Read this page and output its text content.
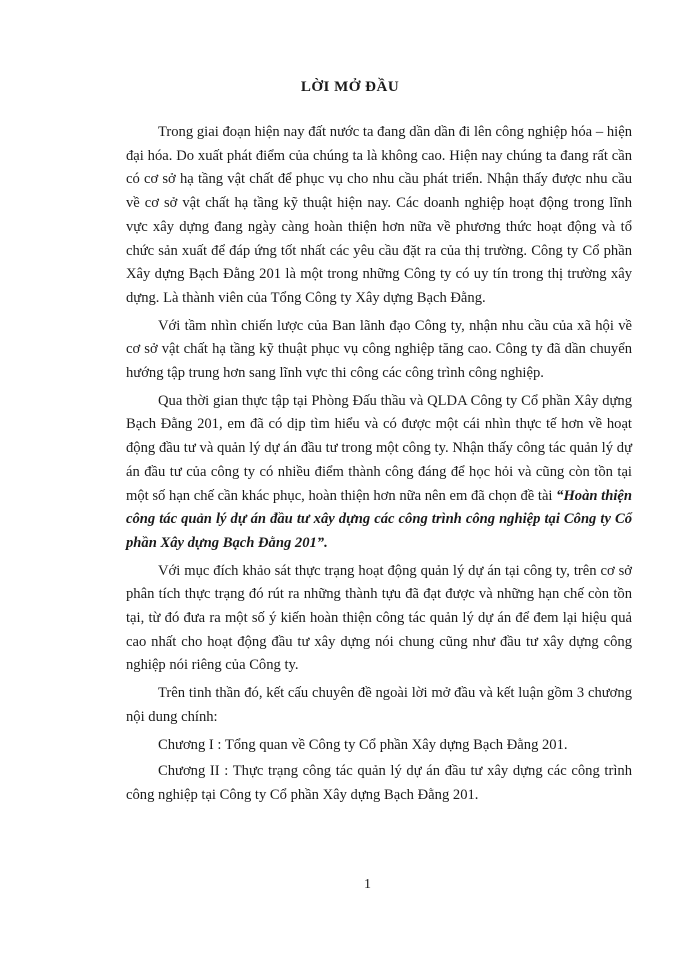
LỜI MỞ ĐẦU

Trong giai đoạn hiện nay đất nước ta đang dần dần đi lên công nghiệp hóa – hiện đại hóa. Do xuất phát điểm của chúng ta là không cao. Hiện nay chúng ta đang rất cần có cơ sở hạ tầng vật chất để phục vụ cho nhu cầu phát triển. Nhận thấy được nhu cầu về cơ sở vật chất hạ tầng kỹ thuật hiện nay. Các doanh nghiệp hoạt động trong lĩnh vực xây dựng đang ngày càng hoàn thiện hơn nữa về phương thức hoạt động và tổ chức sản xuất để đáp ứng tốt nhất các yêu cầu đặt ra của thị trường. Công ty Cổ phần Xây dựng Bạch Đằng 201 là một trong những Công ty có uy tín trong thị trường xây dựng. Là thành viên của Tổng Công ty Xây dựng Bạch Đằng.

Với tầm nhìn chiến lược của Ban lãnh đạo Công ty, nhận nhu cầu của xã hội về cơ sở vật chất hạ tầng kỹ thuật phục vụ công nghiệp tăng cao. Công ty đã dần chuyển hướng tập trung hơn sang lĩnh vực thi công các công trình công nghiệp.

Qua thời gian thực tập tại Phòng Đấu thầu và QLDA Công ty Cổ phần Xây dựng Bạch Đằng 201, em đã có dịp tìm hiểu và có được một cái nhìn thực tế hơn về hoạt động đầu tư và quản lý dự án đầu tư trong một công ty. Nhận thấy công tác quản lý dự án đầu tư của công ty có nhiều điểm thành công đáng để học hỏi và cũng còn tồn tại một số hạn chế cần khác phục, hoàn thiện hơn nữa nên em đã chọn đề tài “Hoàn thiện công tác quản lý dự án đầu tư xây dựng các công trình công nghiệp tại Công ty Cổ phần Xây dựng Bạch Đằng 201”.

Với mục đích khảo sát thực trạng hoạt động quản lý dự án tại công ty, trên cơ sở phân tích thực trạng đó rút ra những thành tựu đã đạt được và những hạn chế còn tồn tại, từ đó đưa ra một số ý kiến hoàn thiện công tác quản lý dự án để đem lại hiệu quả cao nhất cho hoạt động đầu tư xây dựng nói chung cũng như đầu tư xây dựng công nghiệp nói riêng của Công ty.

Trên tinh thần đó, kết cấu chuyên đề ngoài lời mở đầu và kết luận gồm 3 chương nội dung chính:

Chương I : Tổng quan về Công ty Cổ phần Xây dựng Bạch Đằng 201.

Chương II : Thực trạng công tác quản lý dự án đầu tư xây dựng các công trình công nghiệp tại Công ty Cổ phần Xây dựng Bạch Đằng 201.

1
